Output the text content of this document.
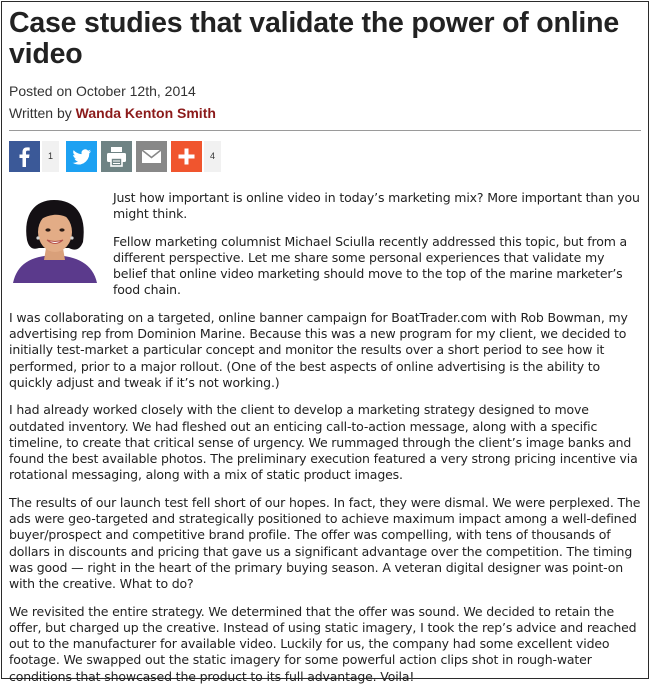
Case studies that validate the power of online video
Posted on October 12th, 2014
Written by Wanda Kenton Smith
1	4

Just how important is online video in today’s marketing mix? More important than you might think.

Fellow marketing columnist Michael Sciulla recently addressed this topic, but from a different perspective. Let me share some personal experiences that validate my belief that online video marketing should move to the top of the marine marketer’s food chain.

I was collaborating on a targeted, online banner campaign for BoatTrader.com with Rob Bowman, my advertising rep from Dominion Marine. Because this was a new program for my client, we decided to initially test-market a particular concept and monitor the results over a short period to see how it performed, prior to a major rollout. (One of the best aspects of online advertising is the ability to quickly adjust and tweak if it’s not working.)

I had already worked closely with the client to develop a marketing strategy designed to move outdated inventory. We had fleshed out an enticing call-to-action message, along with a specific timeline, to create that critical sense of urgency. We rummaged through the client’s image banks and found the best available photos. The preliminary execution featured a very strong pricing incentive via rotational messaging, along with a mix of static product images.

The results of our launch test fell short of our hopes. In fact, they were dismal. We were perplexed. The ads were geo-targeted and strategically positioned to achieve maximum impact among a well-defined buyer/prospect and competitive brand profile. The offer was compelling, with tens of thousands of dollars in discounts and pricing that gave us a significant advantage over the competition. The timing was good — right in the heart of the primary buying season. A veteran digital designer was point-on with the creative. What to do?

We revisited the entire strategy. We determined that the offer was sound. We decided to retain the offer, but charged up the creative. Instead of using static imagery, I took the rep’s advice and reached out to the manufacturer for available video. Luckily for us, the company had some excellent video footage. We swapped out the static imagery for some powerful action clips shot in rough-water conditions that showcased the product to its full advantage. Voila!
